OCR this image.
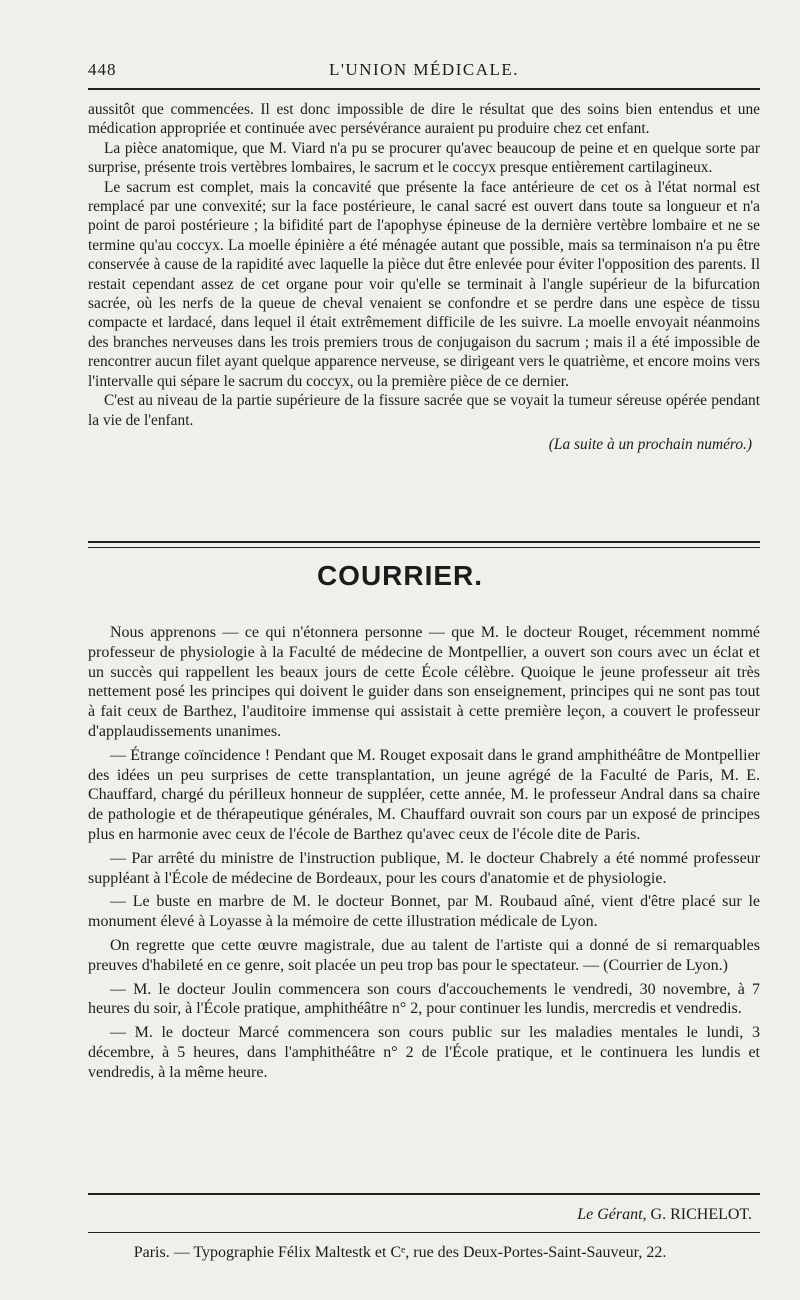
448	L'UNION MÉDICALE.

aussitôt que commencées. Il est donc impossible de dire le résultat que des soins bien entendus et une médication appropriée et continuée avec persévérance auraient pu produire chez cet enfant.

La pièce anatomique, que M. Viard n'a pu se procurer qu'avec beaucoup de peine et en quelque sorte par surprise, présente trois vertèbres lombaires, le sacrum et le coccyx presque entièrement cartilagineux.

Le sacrum est complet, mais la concavité que présente la face antérieure de cet os à l'état normal est remplacé par une convexité; sur la face postérieure, le canal sacré est ouvert dans toute sa longueur et n'a point de paroi postérieure ; la bifidité part de l'apophyse épineuse de la dernière vertèbre lombaire et ne se termine qu'au coccyx. La moelle épinière a été ménagée autant que possible, mais sa terminaison n'a pu être conservée à cause de la rapidité avec laquelle la pièce dut être enlevée pour éviter l'opposition des parents. Il restait cependant assez de cet organe pour voir qu'elle se terminait à l'angle supérieur de la bifurcation sacrée, où les nerfs de la queue de cheval venaient se confondre et se perdre dans une espèce de tissu compacte et lardacé, dans lequel il était extrêmement difficile de les suivre. La moelle envoyait néanmoins des branches nerveuses dans les trois premiers trous de conjugaison du sacrum ; mais il a été impossible de rencontrer aucun filet ayant quelque apparence nerveuse, se dirigeant vers le quatrième, et encore moins vers l'intervalle qui sépare le sacrum du coccyx, ou la première pièce de ce dernier.

C'est au niveau de la partie supérieure de la fissure sacrée que se voyait la tumeur séreuse opérée pendant la vie de l'enfant.

(La suite à un prochain numéro.)

COURRIER.

Nous apprenons — ce qui n'étonnera personne — que M. le docteur Rouget, récemment nommé professeur de physiologie à la Faculté de médecine de Montpellier, a ouvert son cours avec un éclat et un succès qui rappellent les beaux jours de cette École célèbre. Quoique le jeune professeur ait très nettement posé les principes qui doivent le guider dans son enseignement, principes qui ne sont pas tout à fait ceux de Barthez, l'auditoire immense qui assistait à cette première leçon, a couvert le professeur d'applaudissements unanimes.

— Étrange coïncidence ! Pendant que M. Rouget exposait dans le grand amphithéâtre de Montpellier des idées un peu surprises de cette transplantation, un jeune agrégé de la Faculté de Paris, M. E. Chauffard, chargé du périlleux honneur de suppléer, cette année, M. le professeur Andral dans sa chaire de pathologie et de thérapeutique générales, M. Chauffard ouvrait son cours par un exposé de principes plus en harmonie avec ceux de l'école de Barthez qu'avec ceux de l'école dite de Paris.

— Par arrêté du ministre de l'instruction publique, M. le docteur Chabrely a été nommé professeur suppléant à l'École de médecine de Bordeaux, pour les cours d'anatomie et de physiologie.

— Le buste en marbre de M. le docteur Bonnet, par M. Roubaud aîné, vient d'être placé sur le monument élevé à Loyasse à la mémoire de cette illustration médicale de Lyon.

On regrette que cette œuvre magistrale, due au talent de l'artiste qui a donné de si remarquables preuves d'habileté en ce genre, soit placée un peu trop bas pour le spectateur. — (Courrier de Lyon.)

— M. le docteur Joulin commencera son cours d'accouchements le vendredi, 30 novembre, à 7 heures du soir, à l'École pratique, amphithéâtre n° 2, pour continuer les lundis, mercredis et vendredis.

— M. le docteur Marcé commencera son cours public sur les maladies mentales le lundi, 3 décembre, à 5 heures, dans l'amphithéâtre n° 2 de l'École pratique, et le continuera les lundis et vendredis, à la même heure.

Le Gérant, G. RICHELOT.
Paris. — Typographie Félix Maltestk et Cᵉ, rue des Deux-Portes-Saint-Sauveur, 22.
